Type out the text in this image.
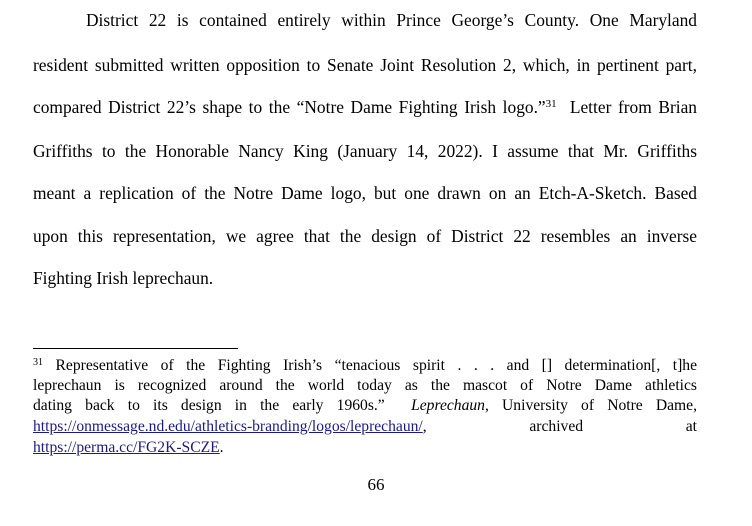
District 22 is contained entirely within Prince George’s County. One Maryland
resident submitted written opposition to Senate Joint Resolution 2, which, in pertinent part,
compared District 22’s shape to the “Notre Dame Fighting Irish logo.”$^{31}$ Letter from Brian
Griffiths to the Honorable Nancy King (January 14, 2022). I assume that Mr. Griffiths
meant a replication of the Notre Dame logo, but one drawn on an Etch-A-Sketch. Based
upon this representation, we agree that the design of District 22 resembles an inverse
Fighting Irish leprechaun.
$^{31}$ Representative of the Fighting Irish’s “tenacious spirit . . . and [] determination[, t]he
leprechaun is recognized around the world today as the mascot of Notre Dame athletics
dating back to its design in the early 1960s.” Leprechaun, University of Notre Dame,
https://onmessage.nd.edu/athletics-branding/logos/leprechaun/,	archived	at
https://perma.cc/FG2K-SCZE.
66
